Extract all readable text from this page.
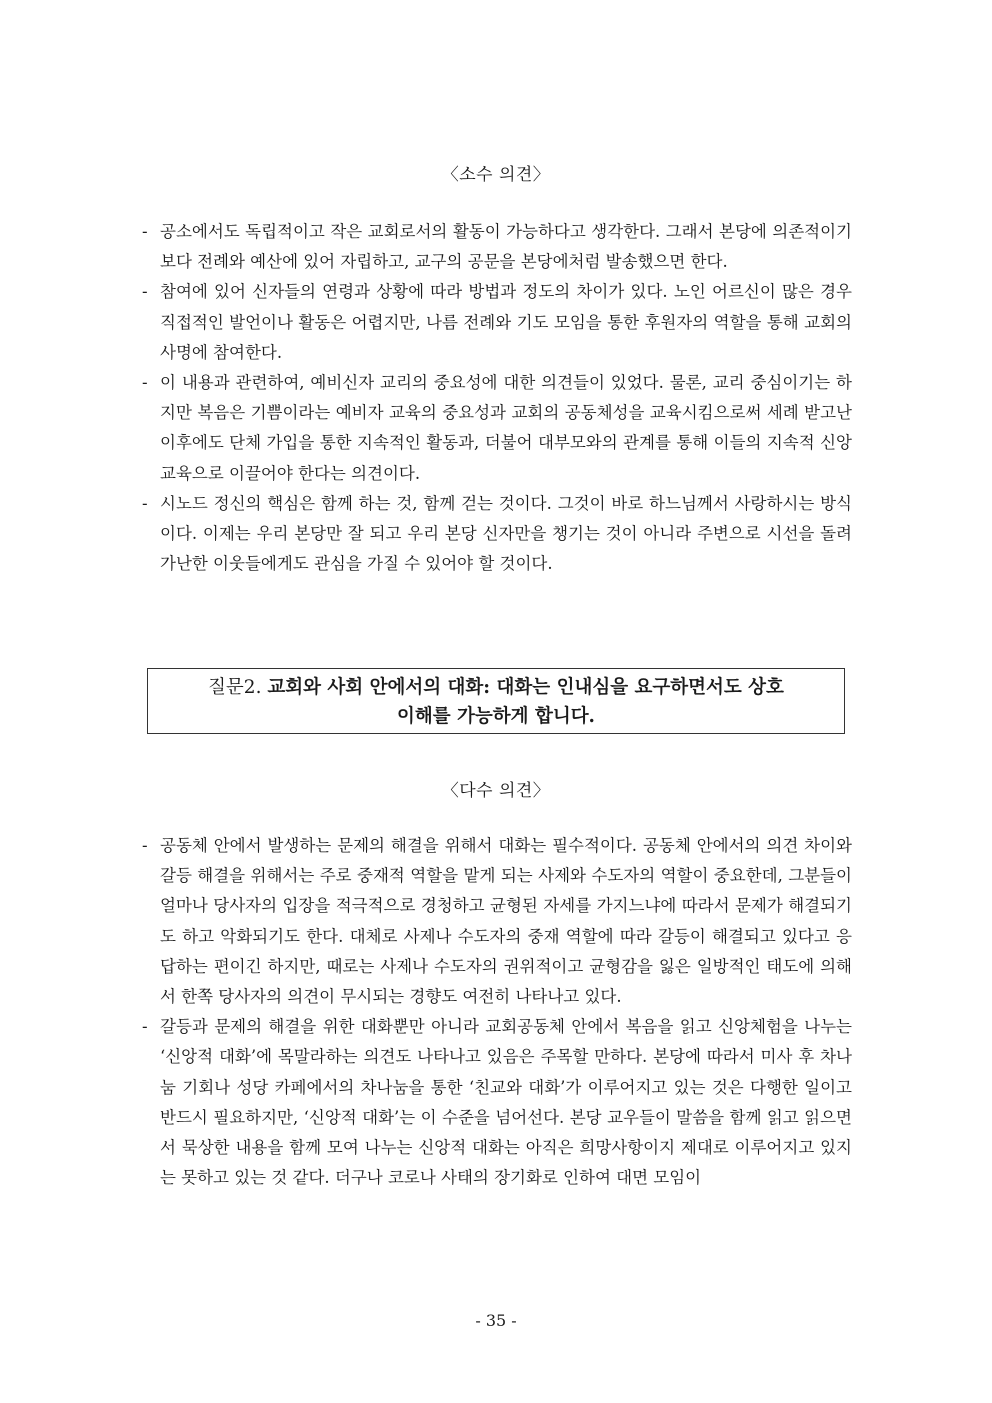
〈소수 의견〉
- 공소에서도 독립적이고 작은 교회로서의 활동이 가능하다고 생각한다. 그래서 본당에 의존적이기보다 전례와 예산에 있어 자립하고, 교구의 공문을 본당에처럼 발송했으면 한다.
- 참여에 있어 신자들의 연령과 상황에 따라 방법과 정도의 차이가 있다. 노인 어르신이 많은 경우 직접적인 발언이나 활동은 어렵지만, 나름 전례와 기도 모임을 통한 후원자의 역할을 통해 교회의 사명에 참여한다.
- 이 내용과 관련하여, 예비신자 교리의 중요성에 대한 의견들이 있었다. 물론, 교리 중심이기는 하지만 복음은 기쁨이라는 예비자 교육의 중요성과 교회의 공동체성을 교육시킴으로써 세례 받고난 이후에도 단체 가입을 통한 지속적인 활동과, 더불어 대부모와의 관계를 통해 이들의 지속적 신앙교육으로 이끌어야 한다는 의견이다.
- 시노드 정신의 핵심은 함께 하는 것, 함께 걷는 것이다. 그것이 바로 하느님께서 사랑하시는 방식이다. 이제는 우리 본당만 잘 되고 우리 본당 신자만을 챙기는 것이 아니라 주변으로 시선을 돌려 가난한 이웃들에게도 관심을 가질 수 있어야 할 것이다.
질문2. 교회와 사회 안에서의 대화: 대화는 인내심을 요구하면서도 상호
이해를 가능하게 합니다.
〈다수 의견〉
- 공동체 안에서 발생하는 문제의 해결을 위해서 대화는 필수적이다. 공동체 안에서의 의견 차이와 갈등 해결을 위해서는 주로 중재적 역할을 맡게 되는 사제와 수도자의 역할이 중요한데, 그분들이 얼마나 당사자의 입장을 적극적으로 경청하고 균형된 자세를 가지느냐에 따라서 문제가 해결되기도 하고 악화되기도 한다. 대체로 사제나 수도자의 중재 역할에 따라 갈등이 해결되고 있다고 응답하는 편이긴 하지만, 때로는 사제나 수도자의 권위적이고 균형감을 잃은 일방적인 태도에 의해서 한쪽 당사자의 의견이 무시되는 경향도 여전히 나타나고 있다.
- 갈등과 문제의 해결을 위한 대화뿐만 아니라 교회공동체 안에서 복음을 읽고 신앙체험을 나누는 ‘신앙적 대화’에 목말라하는 의견도 나타나고 있음은 주목할 만하다. 본당에 따라서 미사 후 차나눔 기회나 성당 카페에서의 차나눔을 통한 ‘친교와 대화’가 이루어지고 있는 것은 다행한 일이고 반드시 필요하지만, ‘신앙적 대화’는 이 수준을 넘어선다. 본당 교우들이 말씀을 함께 읽고 읽으면서 묵상한 내용을 함께 모여 나누는 신앙적 대화는 아직은 희망사항이지 제대로 이루어지고 있지는 못하고 있는 것 같다. 더구나 코로나 사태의 장기화로 인하여 대면 모임이
- 35 -
